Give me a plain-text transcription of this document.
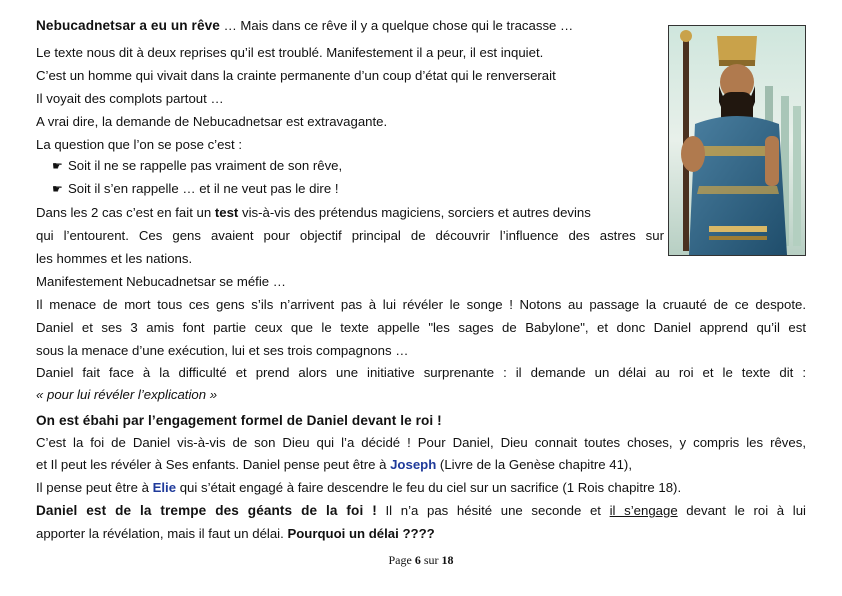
Nebucadnetsar a eu un rêve … Mais dans ce rêve il y a quelque chose qui le tracasse …
Le texte nous dit à deux reprises qu’il est troublé. Manifestement il a peur, il est inquiet.
C’est un homme qui vivait dans la crainte permanente d’un coup d’état qui le renverserait
Il voyait des complots partout …
A vrai dire, la demande de Nebucadnetsar est extravagante.
La question que l’on se pose c’est :
☛ Soit il ne se rappelle pas vraiment de son rêve,
☛ Soit il s’en rappelle … et il ne veut pas le dire !
Dans les 2 cas c’est en fait un test vis-à-vis des prétendus magiciens, sorciers et autres devins
qui l’entourent. Ces gens avaient pour objectif principal de découvrir l’influence des astres sur
les hommes et les nations.
Manifestement Nebucadnetsar se méfie …
Il menace de mort tous ces gens s’ils n’arrivent pas à lui révéler le songe ! Notons au passage la cruauté de ce despote.
Daniel et ses 3 amis font partie ceux que le texte appelle "les sages de Babylone", et donc Daniel apprend qu’il est
sous la menace d’une exécution, lui et ses trois compagnons …
Daniel fait face à la difficulté et prend alors une initiative surprenante : il demande un délai au roi et le texte dit :
« pour lui révéler l’explication »
On est ébahi par l’engagement formel de Daniel devant le roi !
C’est la foi de Daniel vis-à-vis de son Dieu qui l’a décidé ! Pour Daniel, Dieu connait toutes choses, y compris les rêves,
et Il peut les révéler à Ses enfants. Daniel pense peut être à Joseph (Livre de la Genèse chapitre 41),
Il pense peut être à Elie qui s’était engagé à faire descendre le feu du ciel sur un sacrifice (1 Rois chapitre 18).
Daniel est de la trempe des géants de la foi ! Il n’a pas hésité une seconde et il s’engage devant le roi à lui
apporter la révélation, mais il faut un délai. Pourquoi un délai ????
Page 6 sur 18
